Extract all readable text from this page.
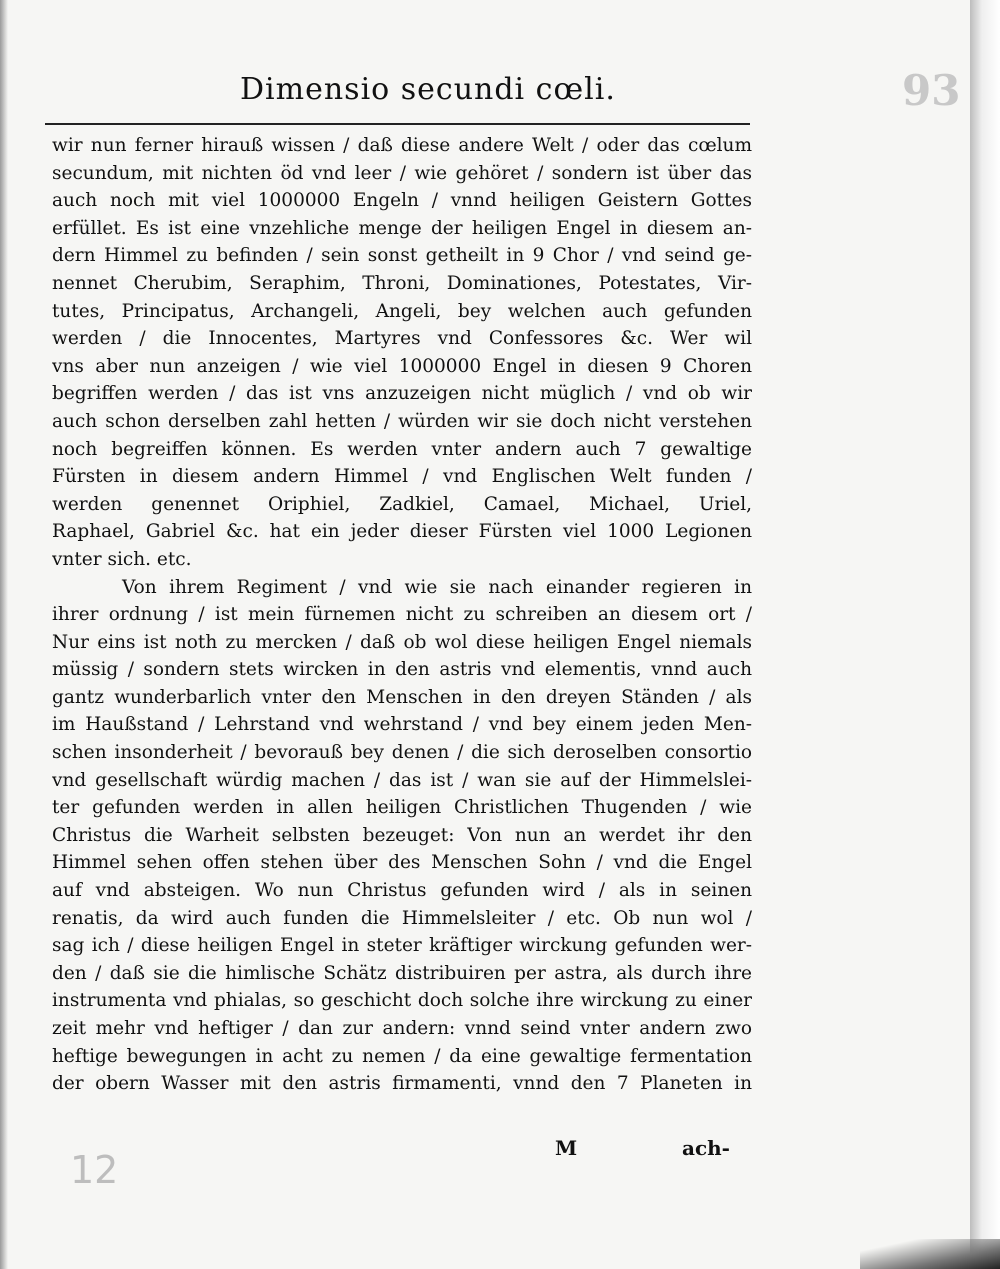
Dimensio secundi cœli.	93
wir nun ferner hirauß wissen / daß diese andere Welt / oder das cœlum
secundum, mit nichten öd vnd leer / wie gehöret / sondern ist über das
auch noch mit viel 1000000 Engeln / vnnd heiligen Geistern Gottes
erfüllet. Es ist eine vnzehliche menge der heiligen Engel in diesem an-
dern Himmel zu befinden / sein sonst getheilt in 9 Chor / vnd seind ge-
nennet Cherubim, Seraphim, Throni, Dominationes, Potestates, Vir-
tutes, Principatus, Archangeli, Angeli, bey welchen auch gefunden
werden / die Innocentes, Martyres vnd Confessores &c. Wer wil
vns aber nun anzeigen / wie viel 1000000 Engel in diesen 9 Choren
begriffen werden / das ist vns anzuzeigen nicht müglich / vnd ob wir
auch schon derselben zahl hetten / würden wir sie doch nicht verstehen
noch begreiffen können. Es werden vnter andern auch 7 gewaltige
Fürsten in diesem andern Himmel / vnd Englischen Welt funden /
werden genennet Oriphiel, Zadkiel, Camael, Michael, Uriel,
Raphael, Gabriel &c. hat ein jeder dieser Fürsten viel 1000 Legionen
vnter sich. etc.
Von ihrem Regiment / vnd wie sie nach einander regieren in
ihrer ordnung / ist mein fürnemen nicht zu schreiben an diesem ort /
Nur eins ist noth zu mercken / daß ob wol diese heiligen Engel niemals
müssig / sondern stets wircken in den astris vnd elementis, vnnd auch
gantz wunderbarlich vnter den Menschen in den dreyen Ständen / als
im Haußstand / Lehrstand vnd wehrstand / vnd bey einem jeden Men-
schen insonderheit / bevorauß bey denen / die sich deroselben consortio
vnd gesellschaft würdig machen / das ist / wan sie auf der Himmelslei-
ter gefunden werden in allen heiligen Christlichen Thugenden / wie
Christus die Warheit selbsten bezeuget: Von nun an werdet ihr den
Himmel sehen offen stehen über des Menschen Sohn / vnd die Engel
auf vnd absteigen. Wo nun Christus gefunden wird / als in seinen
renatis, da wird auch funden die Himmelsleiter / etc. Ob nun wol /
sag ich / diese heiligen Engel in steter kräftiger wirckung gefunden wer-
den / daß sie die himlische Schätz distribuiren per astra, als durch ihre
instrumenta vnd phialas, so geschicht doch solche ihre wirckung zu einer
zeit mehr vnd heftiger / dan zur andern: vnnd seind vnter andern zwo
heftige bewegungen in acht zu nemen / da eine gewaltige fermentation
der obern Wasser mit den astris firmamenti, vnnd den 7 Planeten in
M	ach-
12
